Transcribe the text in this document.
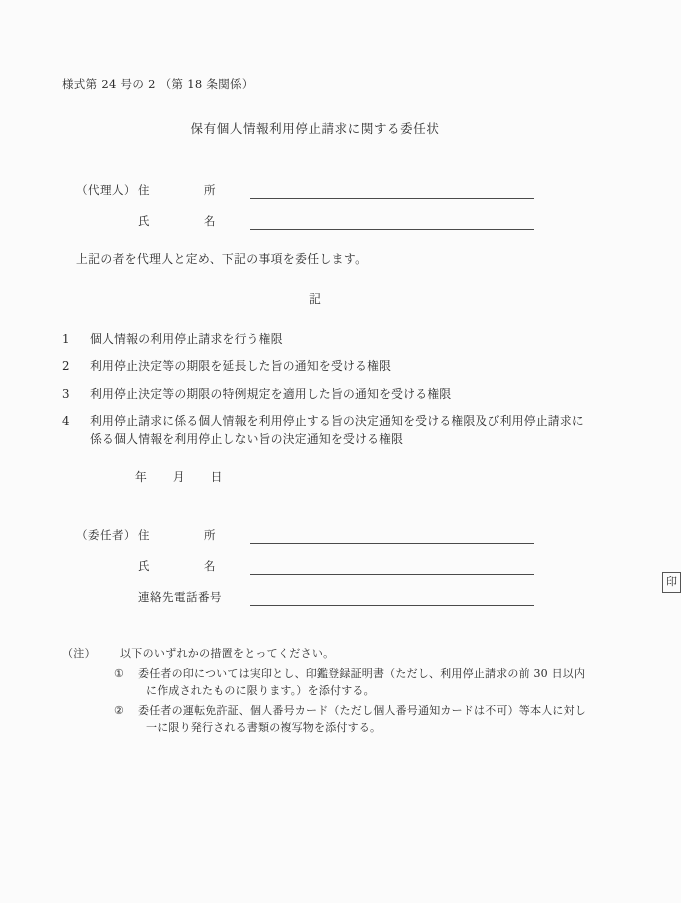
様式第 24 号の 2 （第 18 条関係）
保有個人情報利用停止請求に関する委任状
（代理人） 住	所
氏	名
上記の者を代理人と定め、下記の事項を委任します。
記
1 個人情報の利用停止請求を行う権限
2 利用停止決定等の期限を延長した旨の通知を受ける権限
3 利用停止決定等の期限の特例規定を適用した旨の通知を受ける権限
4 利用停止請求に係る個人情報を利用停止する旨の決定通知を受ける権限及び利用停止請求に
係る個人情報を利用停止しない旨の決定通知を受ける権限
年 月 日
（委任者） 住	所
氏	名
印
連絡先電話番号
（注） 以下のいずれかの措置をとってください。
① 委任者の印については実印とし、印鑑登録証明書（ただし、利用停止請求の前 30 日以内
に作成されたものに限ります。）を添付する。
② 委任者の運転免許証、個人番号カード（ただし個人番号通知カードは不可）等本人に対し
一に限り発行される書類の複写物を添付する。
